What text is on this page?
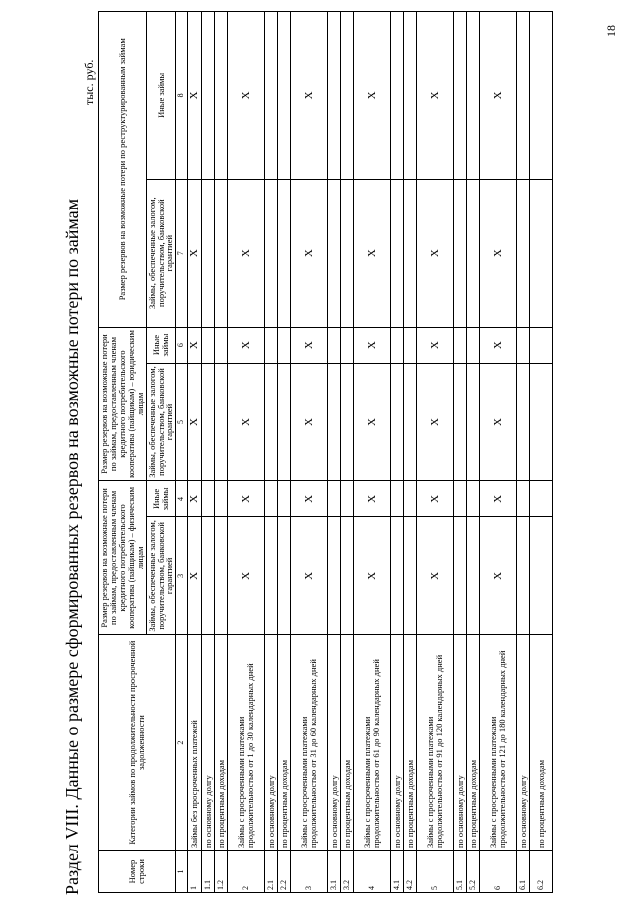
Раздел VIII. Данные о размере сформированных резервов на возможные потери по займам
тыс. руб.
Номер строки	Категории займов по продолжительности просроченной задолженности	Размер резервов на возможные потери по займам, предоставленным членам кредитного потребительского кооператива (пайщикам) – физическим лицам		Размер резервов на возможные потери по займам, предоставленным членам кредитного потребительского кооператива (пайщикам) – юридическим лицам		Размер резервов на возможные потери по реструктурированным займам	
		Займы, обеспеченные залогом, поручительством, банковской гарантией	Иные займы	Займы, обеспеченные залогом, поручительством, банковской гарантией	Иные займы	Займы, обеспеченные залогом, поручительством, банковской гарантией	Иные займы
1	2	3	4	5	6	7	8
1	Займы без просроченных платежей	X	X	X	X	X	X
1.1	по основному долгу						
1.2	по процентным доходам						
2	Займы с просроченными платежами продолжительностью от 1 до 30 календарных дней	X	X	X	X	X	X
2.1	по основному долгу						
2.2	по процентным доходам						
3	Займы с просроченными платежами продолжительностью от 31 до 60 календарных дней	X	X	X	X	X	X
3.1	по основному долгу						
3.2	по процентным доходам						
4	Займы с просроченными платежами продолжительностью от 61 до 90 календарных дней	X	X	X	X	X	X
4.1	по основному долгу						
4.2	по процентным доходам						
5	Займы с просроченными платежами продолжительностью от 91 до 120 календарных дней	X	X	X	X	X	X
5.1	по основному долгу						
5.2	по процентным доходам						
6	Займы с просроченными платежами продолжительностью от 121 до 180 календарных дней	X	X	X	X	X	X
6.1	по основному долгу						
6.2	по процентным доходам						
18
